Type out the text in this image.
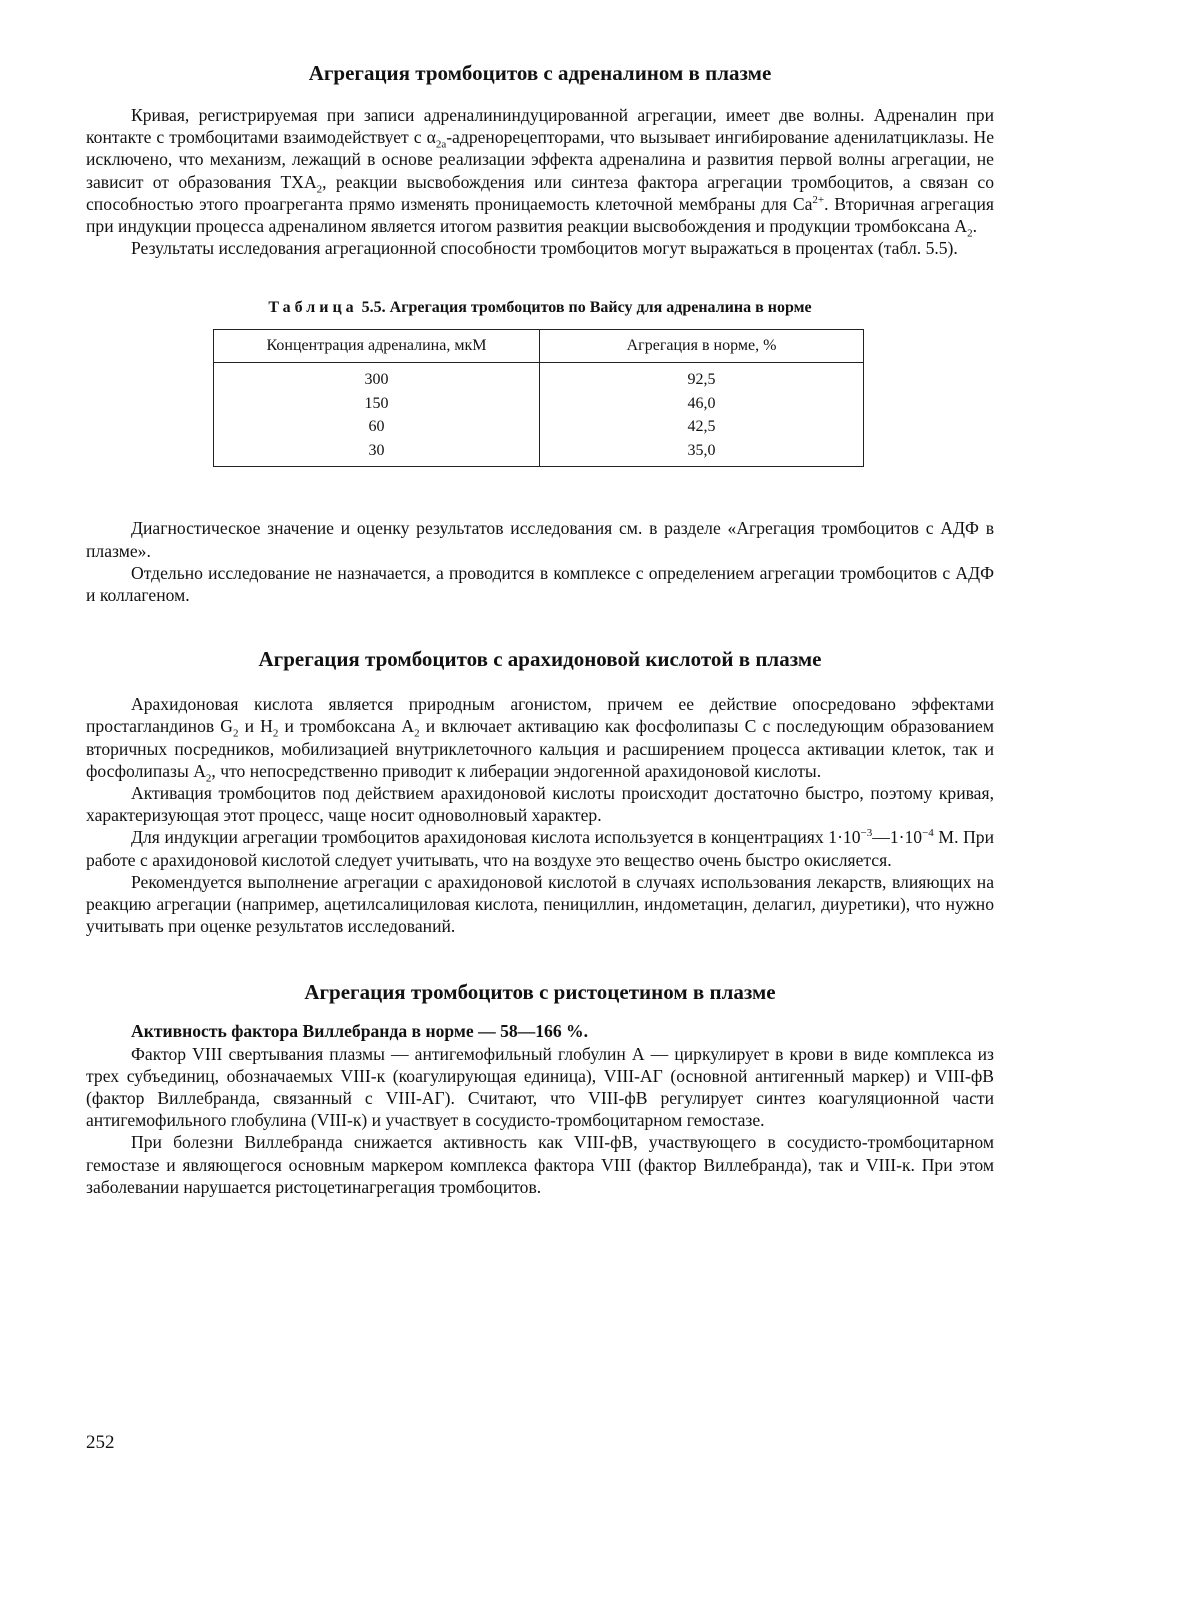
Агрегация тромбоцитов с адреналином в плазме

Кривая, регистрируемая при записи адреналининдуцированной агрегации, имеет две волны. Адреналин при контакте с тромбоцитами взаимодействует с $\alpha_{2a}$-адренорецепторами, что вызывает ингибирование аденилатциклазы. Не исключено, что механизм, лежащий в основе реализации эффекта адреналина и развития первой волны агрегации, не зависит от образования $ТХА_2$, реакции высвобождения или синтеза фактора агрегации тромбоцитов, а связан со способностью этого проагреганта прямо изменять проницаемость клеточной мембраны для $Са^{2+}$. Вторичная агрегация при индукции процесса адреналином является итогом развития реакции высвобождения и продукции тромбоксана $А_2$.

Результаты исследования агрегационной способности тромбоцитов могут выражаться в процентах (табл. 5.5).

Таблица 5.5. Агрегация тромбоцитов по Вайсу для адреналина в норме
Концентрация адреналина, мкМ	Агрегация в норме, %
300	92,5
150	46,0
60	42,5
30	35,0

Диагностическое значение и оценку результатов исследования см. в разделе «Агрегация тромбоцитов с АДФ в плазме».

Отдельно исследование не назначается, а проводится в комплексе с определением агрегации тромбоцитов с АДФ и коллагеном.

Агрегация тромбоцитов с арахидоновой кислотой в плазме

Арахидоновая кислота является природным агонистом, причем ее действие опосредовано эффектами простагландинов $G_2$ и $H_2$ и тромбоксана $А_2$ и включает активацию как фосфолипазы С с последующим образованием вторичных посредников, мобилизацией внутриклеточного кальция и расширением процесса активации клеток, так и фосфолипазы $А_2$, что непосредственно приводит к либерации эндогенной арахидоновой кислоты.

Активация тромбоцитов под действием арахидоновой кислоты происходит достаточно быстро, поэтому кривая, характеризующая этот процесс, чаще носит одноволновый характер.

Для индукции агрегации тромбоцитов арахидоновая кислота используется в концентрациях $1\cdot 10^{-3}—1\cdot 10^{-4}$ М. При работе с арахидоновой кислотой следует учитывать, что на воздухе это вещество очень быстро окисляется.

Рекомендуется выполнение агрегации с арахидоновой кислотой в случаях использования лекарств, влияющих на реакцию агрегации (например, ацетилсалициловая кислота, пенициллин, индометацин, делагил, диуретики), что нужно учитывать при оценке результатов исследований.

Агрегация тромбоцитов с ристоцетином в плазме

Активность фактора Виллебранда в норме — 58—166 %.

Фактор VIII свертывания плазмы — антигемофильный глобулин А — циркулирует в крови в виде комплекса из трех субъединиц, обозначаемых VIII-к (коагулирующая единица), VIII-АГ (основной антигенный маркер) и VIII-фВ (фактор Виллебранда, связанный с VIII-АГ). Считают, что VIII-фВ регулирует синтез коагуляционной части антигемофильного глобулина (VIII-к) и участвует в сосудисто-тромбоцитарном гемостазе.

При болезни Виллебранда снижается активность как VIII-фВ, участвующего в сосудисто-тромбоцитарном гемостазе и являющегося основным маркером комплекса фактора VIII (фактор Виллебранда), так и VIII-к. При этом заболевании нарушается ристоцетинагрегация тромбоцитов.

252
